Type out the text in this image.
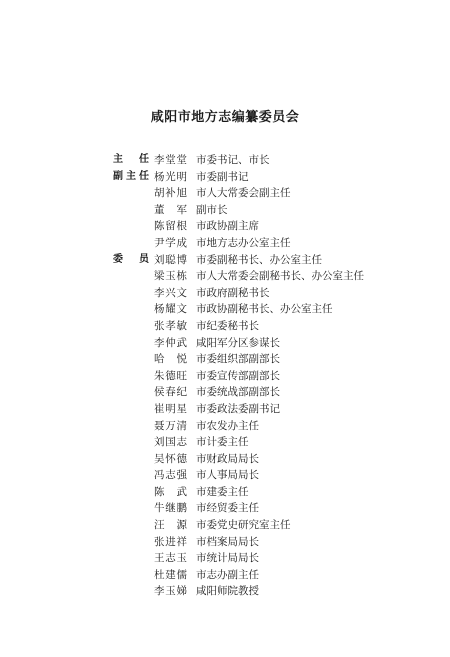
咸阳市地方志编纂委员会
主　任 李堂堂 市委书记、市长
副主任 杨光明 市委副书记
胡补旭 市人大常委会副主任
董　军 副市长
陈留根 市政协副主席
尹学成 市地方志办公室主任
委　员 刘聪博 市委副秘书长、办公室主任
梁玉栋 市人大常委会副秘书长、办公室主任
李兴文 市政府副秘书长
杨耀文 市政协副秘书长、办公室主任
张孝敏 市纪委秘书长
李仲武 咸阳军分区参谋长
哈　悦 市委组织部副部长
朱德旺 市委宣传部副部长
侯春纪 市委统战部副部长
崔明星 市委政法委副书记
聂万清 市农发办主任
刘国志 市计委主任
吴怀德 市财政局局长
冯志强 市人事局局长
陈　武 市建委主任
牛继鹏 市经贸委主任
汪　源 市委党史研究室主任
张进祥 市档案局局长
王志玉 市统计局局长
杜建儒 市志办副主任
李玉娣 咸阳师院教授
